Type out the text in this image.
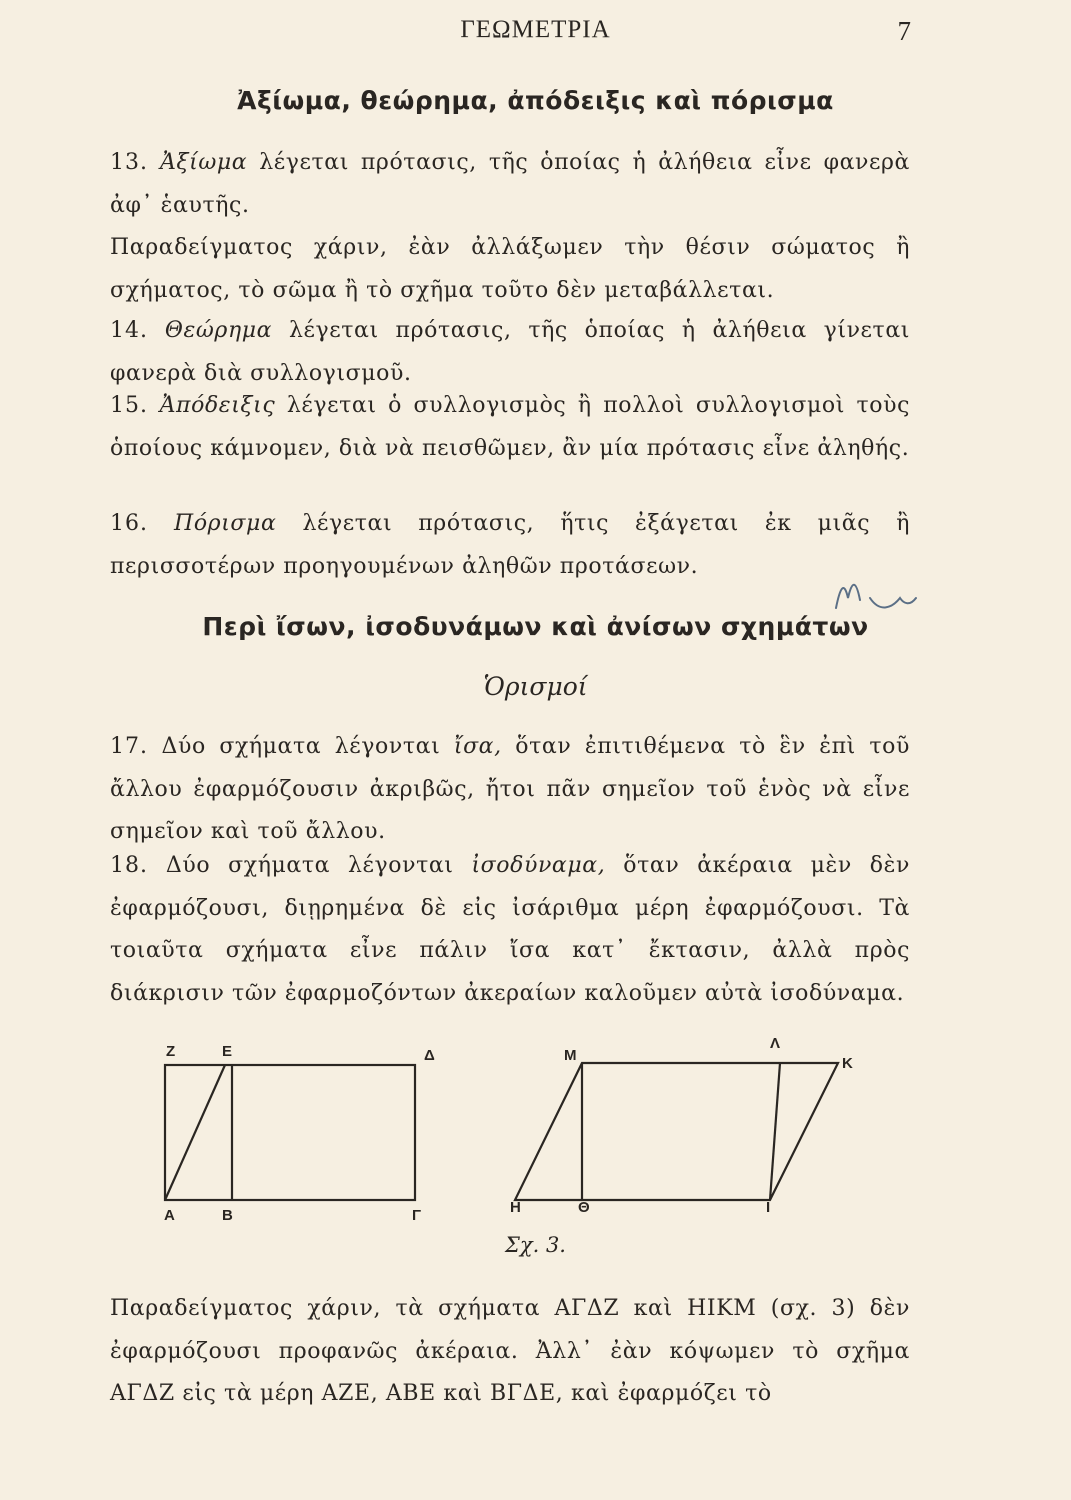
ΓΕΩΜΕΤΡΙΑ	7
Ἀξίωμα, θεώρημα, ἀπόδειξις καὶ πόρισμα
13. Ἀξίωμα λέγεται πρότασις, τῆς ὁποίας ἡ ἀλήθεια εἶνε φανερὰ ἀφ᾿ ἑαυτῆς.
Παραδείγματος χάριν, ἐὰν ἀλλάξωμεν τὴν θέσιν σώματος ἢ σχήματος, τὸ σῶμα ἢ τὸ σχῆμα τοῦτο δὲν μεταβάλλεται.
14. Θεώρημα λέγεται πρότασις, τῆς ὁποίας ἡ ἀλήθεια γίνεται φανερὰ διὰ συλλογισμοῦ.
15. Ἀπόδειξις λέγεται ὁ συλλογισμὸς ἢ πολλοὶ συλλογισμοὶ τοὺς ὁποίους κάμνομεν, διὰ νὰ πεισθῶμεν, ἂν μία πρότασις εἶνε ἀληθής.
16. Πόρισμα λέγεται πρότασις, ἥτις ἐξάγεται ἐκ μιᾶς ἢ περισσοτέρων προηγουμένων ἀληθῶν προτάσεων.
Περὶ ἴσων, ἰσοδυνάμων καὶ ἀνίσων σχημάτων
Ὁρισμοί
17. Δύο σχήματα λέγονται ἴσα, ὅταν ἐπιτιθέμενα τὸ ἓν ἐπὶ τοῦ ἄλλου ἐφαρμόζουσιν ἀκριβῶς, ἤτοι πᾶν σημεῖον τοῦ ἑνὸς νὰ εἶνε σημεῖον καὶ τοῦ ἄλλου.
18. Δύο σχήματα λέγονται ἰσοδύναμα, ὅταν ἀκέραια μὲν δὲν ἐφαρμόζουσι, διῃρημένα δὲ εἰς ἰσάριθμα μέρη ἐφαρμόζουσι. Τὰ τοιαῦτα σχήματα εἶνε πάλιν ἴσα κατ᾿ ἔκτασιν, ἀλλὰ πρὸς διάκρισιν τῶν ἐφαρμοζόντων ἀκεραίων καλοῦμεν αὐτὰ ἰσοδύναμα.
Ζ	Ε	Δ
Α	Β	Γ
Μ
Λ
Κ
Η	Θ	Ι
Σχ. 3.
Παραδείγματος χάριν, τὰ σχήματα ΑΓΔΖ καὶ ΗΙΚΜ (σχ. 3) δὲν ἐφαρμόζουσι προφανῶς ἀκέραια. Ἀλλ᾿ ἐὰν κόψωμεν τὸ σχῆμα ΑΓΔΖ εἰς τὰ μέρη ΑΖΕ, ΑΒΕ καὶ ΒΓΔΕ, καὶ ἐφαρμόζει τὸ
